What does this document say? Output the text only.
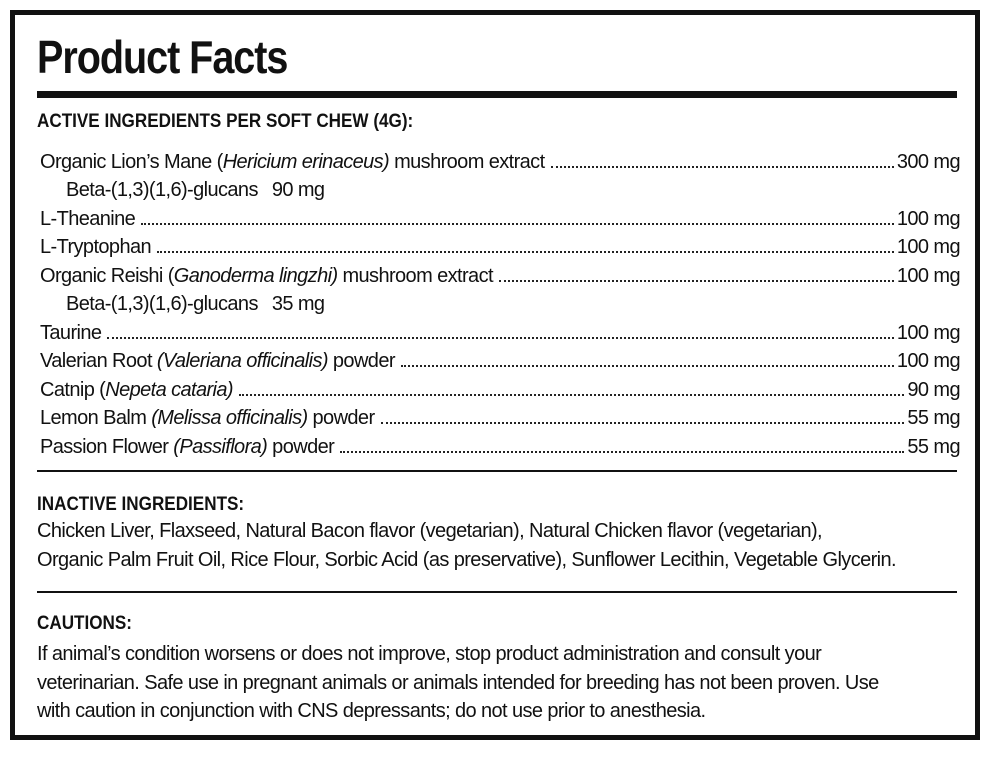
Product Facts
ACTIVE INGREDIENTS PER SOFT CHEW (4G):
Organic Lion’s Mane (Hericium erinaceus) mushroom extract	300 mg
Beta-(1,3)(1,6)-glucans 90 mg
L-Theanine	100 mg
L-Tryptophan	100 mg
Organic Reishi (Ganoderma lingzhi) mushroom extract	100 mg
Beta-(1,3)(1,6)-glucans 35 mg
Taurine	100 mg
Valerian Root (Valeriana officinalis) powder	100 mg
Catnip (Nepeta cataria)	90 mg
Lemon Balm (Melissa officinalis) powder	55 mg
Passion Flower (Passiflora) powder	55 mg
INACTIVE INGREDIENTS:

Chicken Liver, Flaxseed, Natural Bacon flavor (vegetarian), Natural Chicken flavor (vegetarian),
Organic Palm Fruit Oil, Rice Flour, Sorbic Acid (as preservative), Sunflower Lecithin, Vegetable Glycerin.

CAUTIONS:

If animal’s condition worsens or does not improve, stop product administration and consult your
veterinarian. Safe use in pregnant animals or animals intended for breeding has not been proven. Use
with caution in conjunction with CNS depressants; do not use prior to anesthesia.
